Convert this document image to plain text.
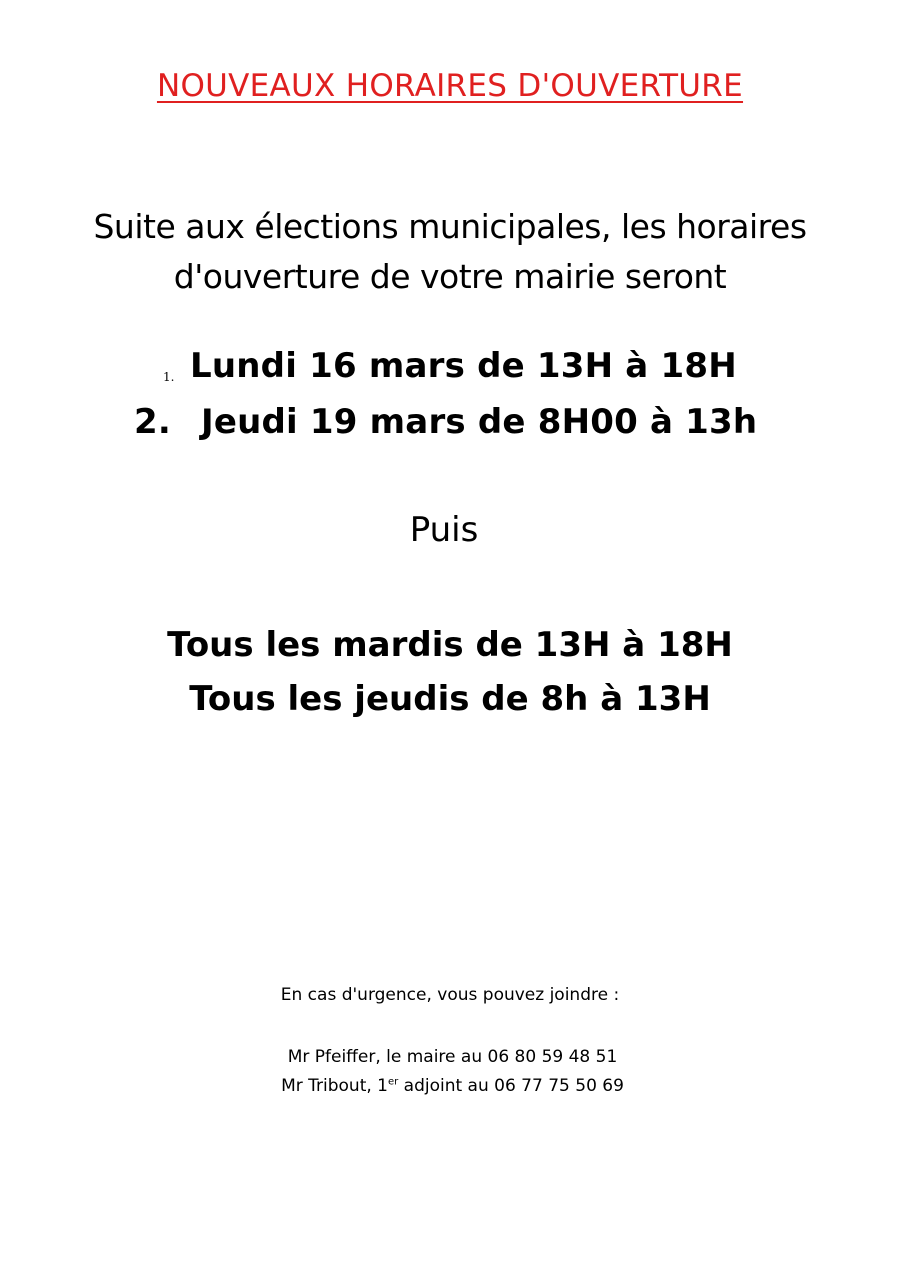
NOUVEAUX HORAIRES D'OUVERTURE
Suite aux élections municipales, les horaires
d'ouverture de votre mairie seront
1. Lundi 16 mars de 13H à 18H
2. Jeudi 19 mars de 8H00 à 13h
Puis
Tous les mardis de 13H à 18H
Tous les jeudis de 8h à 13H
En cas d'urgence, vous pouvez joindre :
Mr Pfeiffer, le maire au 06 80 59 48 51
Mr Tribout, 1er adjoint au 06 77 75 50 69
